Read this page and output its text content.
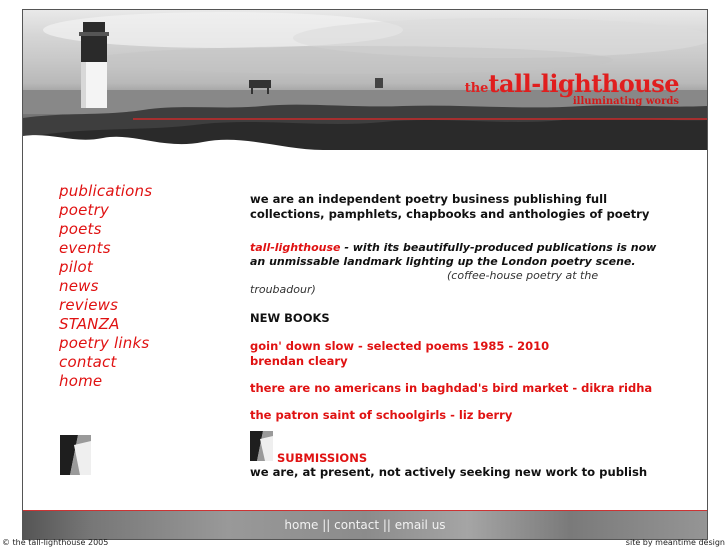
thetall-lighthouse
illuminating words
publications
poetry
poets
events
pilot
news
reviews
STANZA
poetry links
contact
home

we are an independent poetry business publishing full collections, pamphlets, chapbooks and anthologies of poetry

tall-lighthouse - with its beautifully-produced publications is now an unmissable landmark lighting up the London poetry scene.

(coffee-house poetry at the troubadour)

NEW BOOKS

goin' down slow - selected poems 1985 - 2010
brendan cleary
there are no americans in baghdad's bird market - dikra ridha
the patron saint of schoolgirls - liz berry
SUBMISSIONS
we are, at present, not actively seeking new work to publish
home || contact || email us
© the tall-lighthouse 2005	site by meantime design
